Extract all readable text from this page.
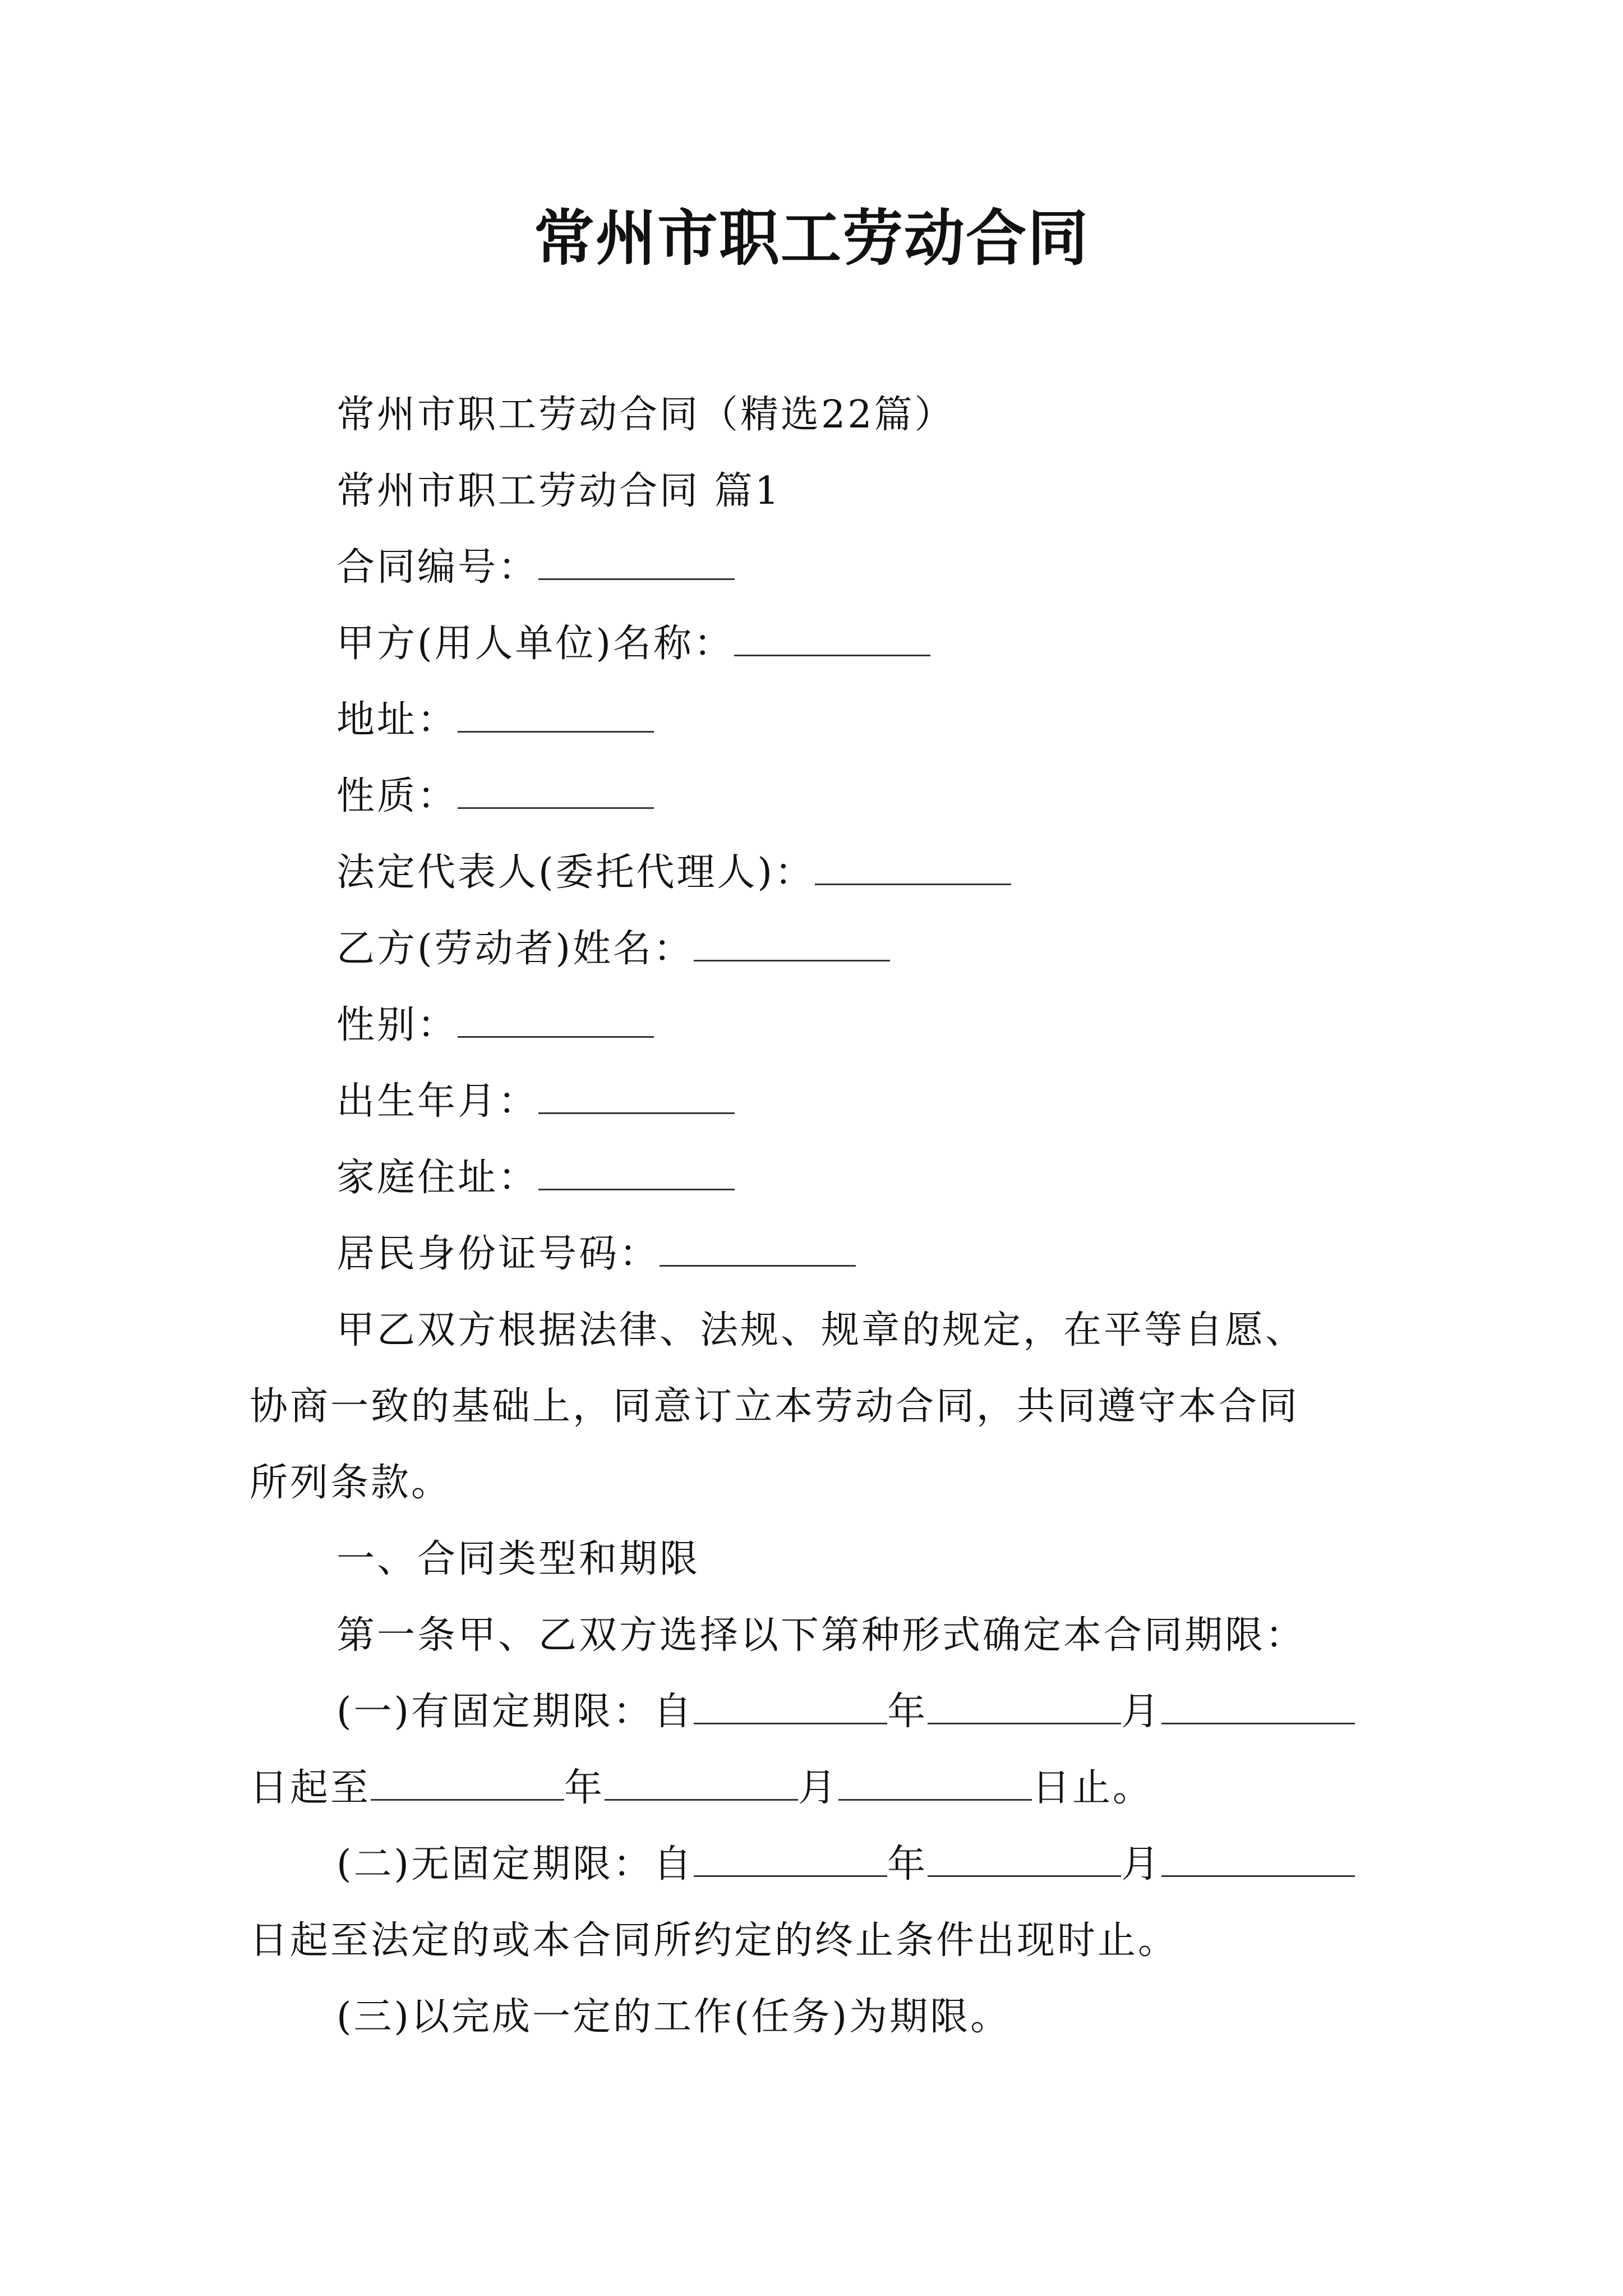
常州市职工劳动合同
常州市职工劳动合同（精选22篇）
常州市职工劳动合同 篇1
合同编号：
甲方(用人单位)名称：
地址：
性质：
法定代表人(委托代理人)：
乙方(劳动者)姓名：
性别：
出生年月：
家庭住址：
居民身份证号码：
甲乙双方根据法律、法规、规章的规定，在平等自愿、
协商一致的基础上，同意订立本劳动合同，共同遵守本合同
所列条款。
一、合同类型和期限
第一条甲、乙双方选择以下第种形式确定本合同期限：
(一)有固定期限：自	年	月
日起至	年	月	日止。
(二)无固定期限：自	年	月
日起至法定的或本合同所约定的终止条件出现时止。
(三)以完成一定的工作(任务)为期限。
